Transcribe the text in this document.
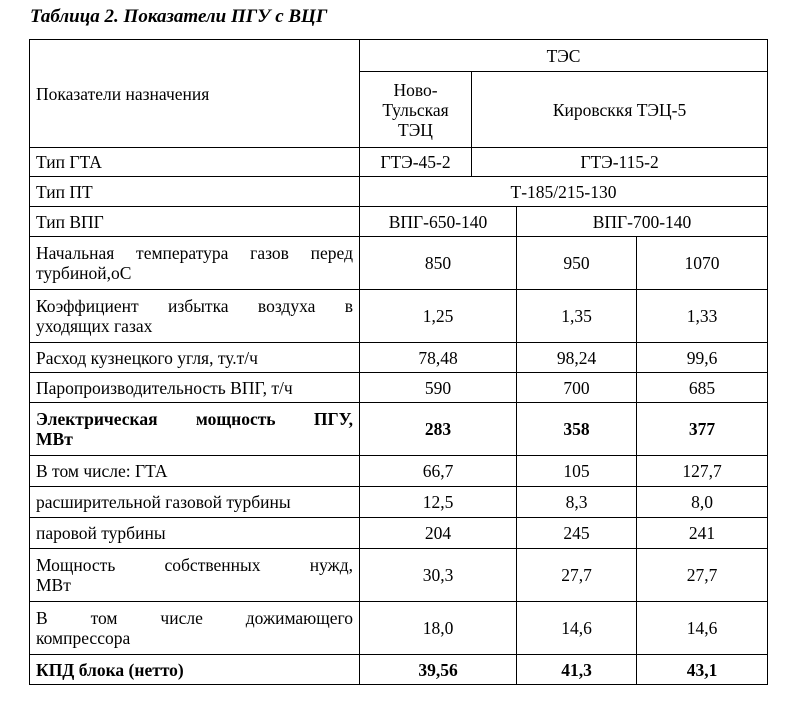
Таблица 2. Показатели ПГУ с ВЦГ
Показатели назначения	ТЭС			

	Ново-
Тульская
ТЭЦ	Кировсккя ТЭЦ-5		
Тип ГТА	ГТЭ-45-2	ГТЭ-115-2		
Тип ПТ	Т-185/215-130			
Тип ВПГ	ВПГ-650-140		ВПГ-700-140	

Начальная температура газов перед
турбиной,оС	850		950	1070

Коэффициент избытка воздуха в
уходящих газах	1,25		1,35	1,33
Расход кузнецкого угля, ту.т/ч	78,48		98,24	99,6
Паропроизводительность ВПГ, т/ч	590		700	685

Электрическая мощность ПГУ,
МВт	283		358	377
В том числе: ГТА	66,7		105	127,7
расширительной газовой турбины	12,5		8,3	8,0
паровой турбины	204		245	241

Мощность собственных нужд,
МВт	30,3		27,7	27,7

В том числе дожимающего
компрессора	18,0		14,6	14,6
КПД блока (нетто)	39,56		41,3	43,1
